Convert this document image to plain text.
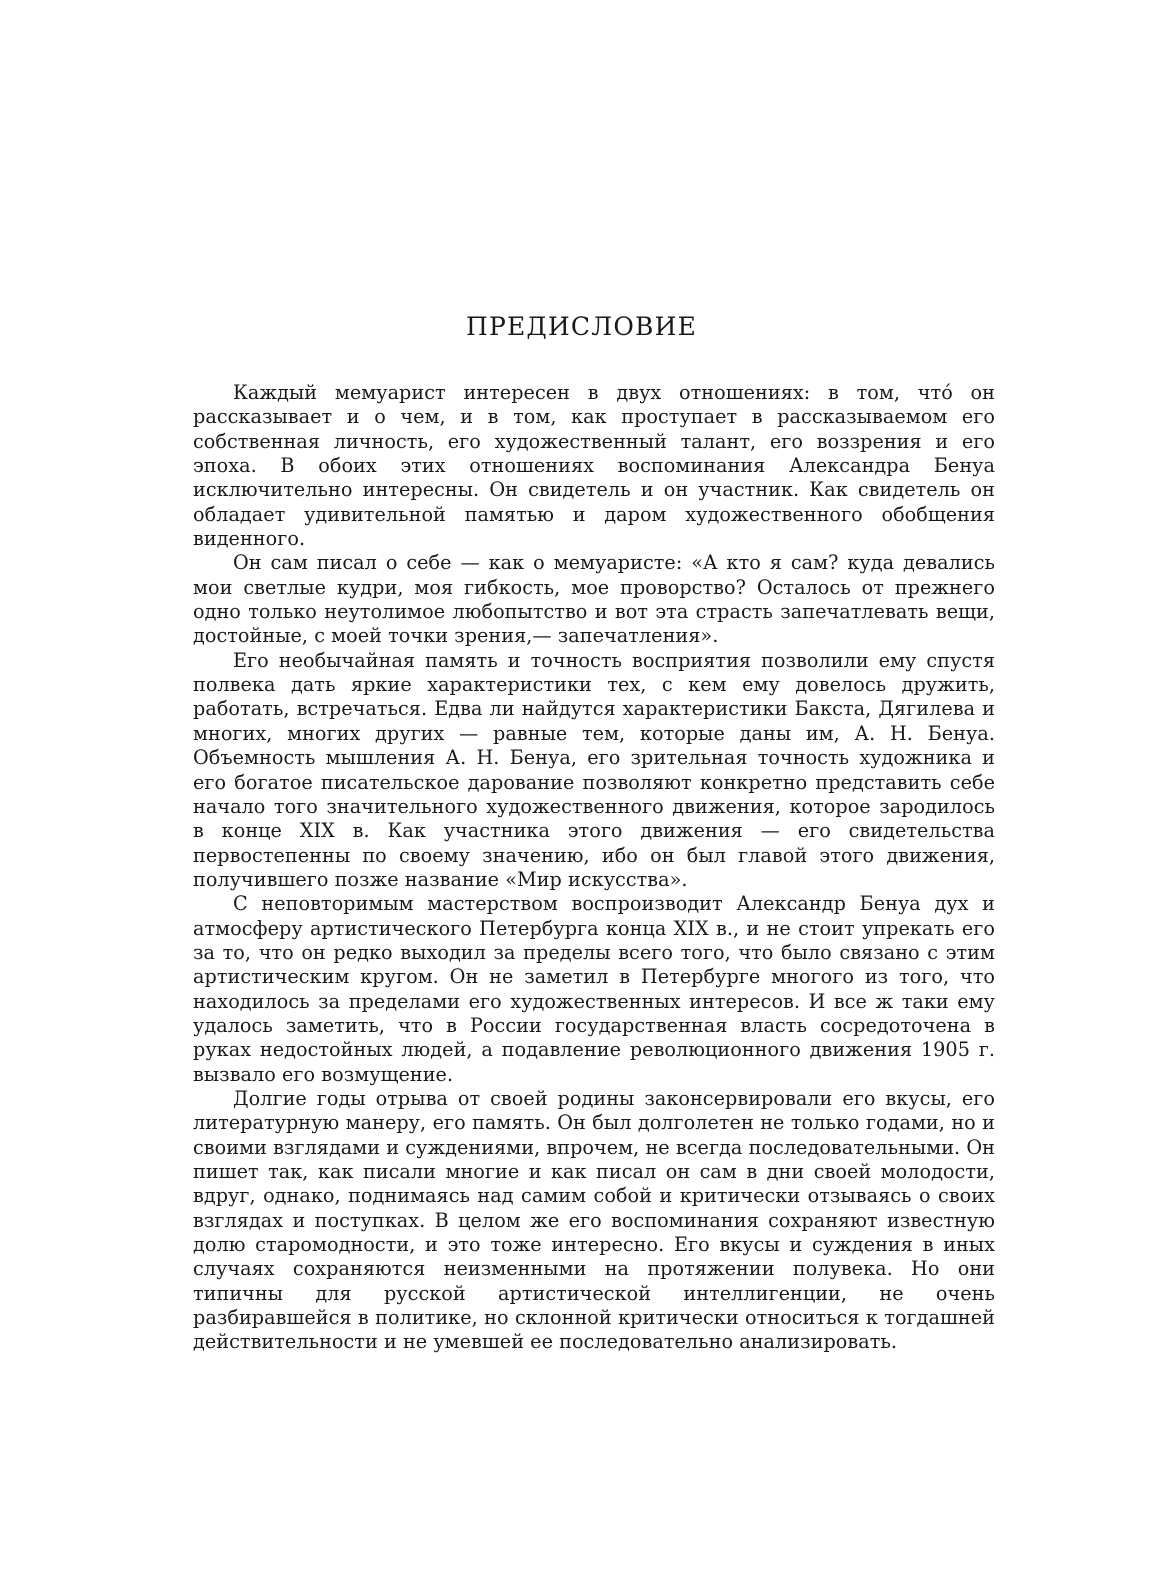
ПРЕДИСЛОВИЕ

Каждый мемуарист интересен в двух отношениях: в том, что́ он рассказывает и о чем, и в том, как проступает в рассказываемом его собственная личность, его художественный талант, его воззрения и его эпоха. В обоих этих отношениях воспоминания Александра Бенуа исключительно интересны. Он свидетель и он участник. Как свидетель он обладает удивительной памятью и даром художественного обобщения виденного.

Он сам писал о себе — как о мемуаристе: «А кто я сам? куда девались мои светлые кудри, моя гибкость, мое проворство? Осталось от прежнего одно только неутолимое любопытство и вот эта страсть запечатлевать вещи, достойные, с моей точки зрения,— запечатления».

Его необычайная память и точность восприятия позволили ему спустя полвека дать яркие характеристики тех, с кем ему довелось дружить, работать, встречаться. Едва ли найдутся характеристики Бакста, Дягилева и многих, многих других — равные тем, которые даны им, А. Н. Бенуа. Объемность мышления А. Н. Бенуа, его зрительная точность художника и его богатое писательское дарование позволяют конкретно представить себе начало того значительного художественного движения, которое зародилось в конце XIX в. Как участника этого движения — его свидетельства первостепенны по своему значению, ибо он был главой этого движения, получившего позже название «Мир искусства».

С неповторимым мастерством воспроизводит Александр Бенуа дух и атмосферу артистического Петербурга конца XIX в., и не стоит упрекать его за то, что он редко выходил за пределы всего того, что было связано с этим артистическим кругом. Он не заметил в Петербурге многого из того, что находилось за пределами его художественных интересов. И все ж таки ему удалось заметить, что в России государственная власть сосредоточена в руках недостойных людей, а подавление революционного движения 1905 г. вызвало его возмущение.

Долгие годы отрыва от своей родины законсервировали его вкусы, его литературную манеру, его память. Он был долголетен не только годами, но и своими взглядами и суждениями, впрочем, не всегда последовательными. Он пишет так, как писали многие и как писал он сам в дни своей молодости, вдруг, однако, поднимаясь над самим собой и критически отзываясь о своих взглядах и поступках. В целом же его воспоминания сохраняют известную долю старомодности, и это тоже интересно. Его вкусы и суждения в иных случаях сохраняются неизменными на протяжении полувека. Но они типичны для русской артистической интеллигенции, не очень разбиравшейся в политике, но склонной критически относиться к тогдашней действительности и не умевшей ее последовательно анализировать.
